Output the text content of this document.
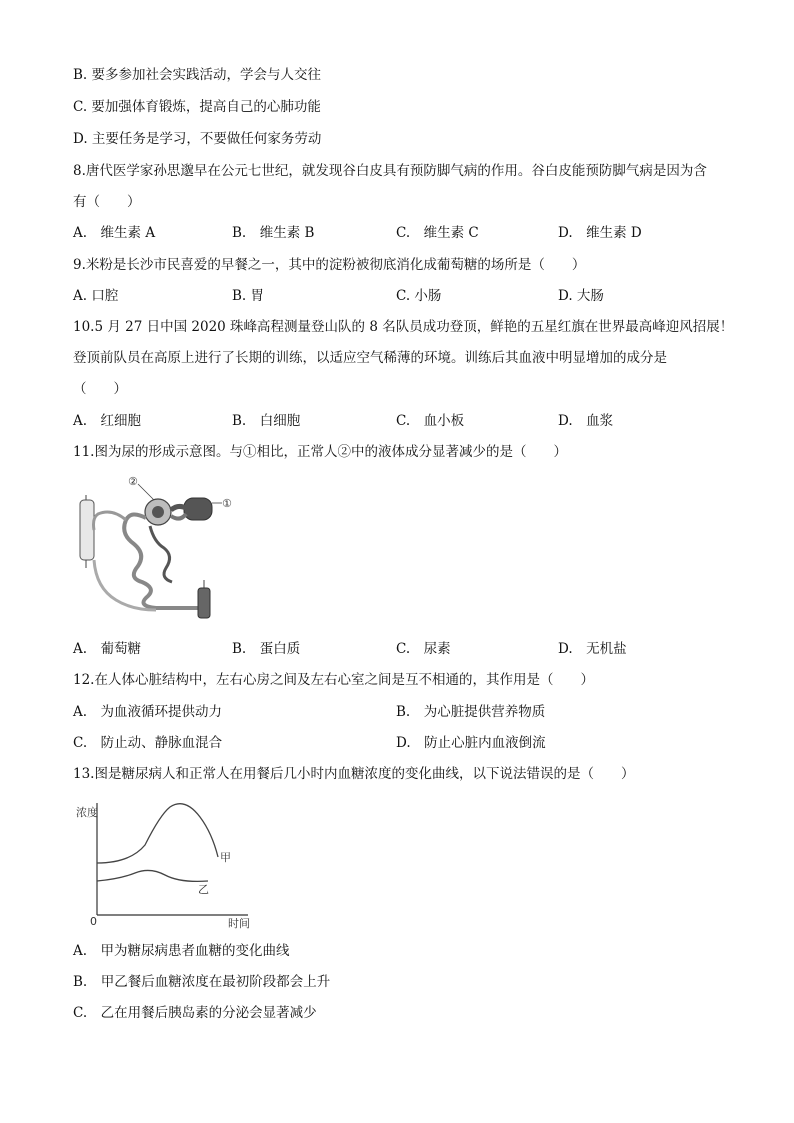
B. 要多参加社会实践活动，学会与人交往
C. 要加强体育锻炼，提高自己的心肺功能
D. 主要任务是学习，不要做任何家务劳动
8.唐代医学家孙思邈早在公元七世纪，就发现谷白皮具有预防脚气病的作用。谷白皮能预防脚气病是因为含
有（　　）
A.　维生素 A	B.　维生素 B	C.　维生素 C	D.　维生素 D
9.米粉是长沙市民喜爱的早餐之一，其中的淀粉被彻底消化成葡萄糖的场所是（　　）
A. 口腔	B. 胃	C. 小肠	D. 大肠
10.5 月 27 日中国 2020 珠峰高程测量登山队的 8 名队员成功登顶，鲜艳的五星红旗在世界最高峰迎风招展！
登顶前队员在高原上进行了长期的训练，以适应空气稀薄的环境。训练后其血液中明显增加的成分是
（　　）
A.　红细胞	B.　白细胞	C.　血小板	D.　血浆
11.图为尿的形成示意图。与①相比，正常人②中的液体成分显著减少的是（　　）
②
①
A.　葡萄糖	B.　蛋白质	C.　尿素	D.　无机盐
12.在人体心脏结构中，左右心房之间及左右心室之间是互不相通的，其作用是（　　）
A.　为血液循环提供动力	B.　为心脏提供营养物质
C.　防止动、静脉血混合	D.　防止心脏内血液倒流
13.图是糖尿病人和正常人在用餐后几小时内血糖浓度的变化曲线，以下说法错误的是（　　）
浓度
时间
0
甲
乙
A.　甲为糖尿病患者血糖的变化曲线
B.　甲乙餐后血糖浓度在最初阶段都会上升
C.　乙在用餐后胰岛素的分泌会显著减少
